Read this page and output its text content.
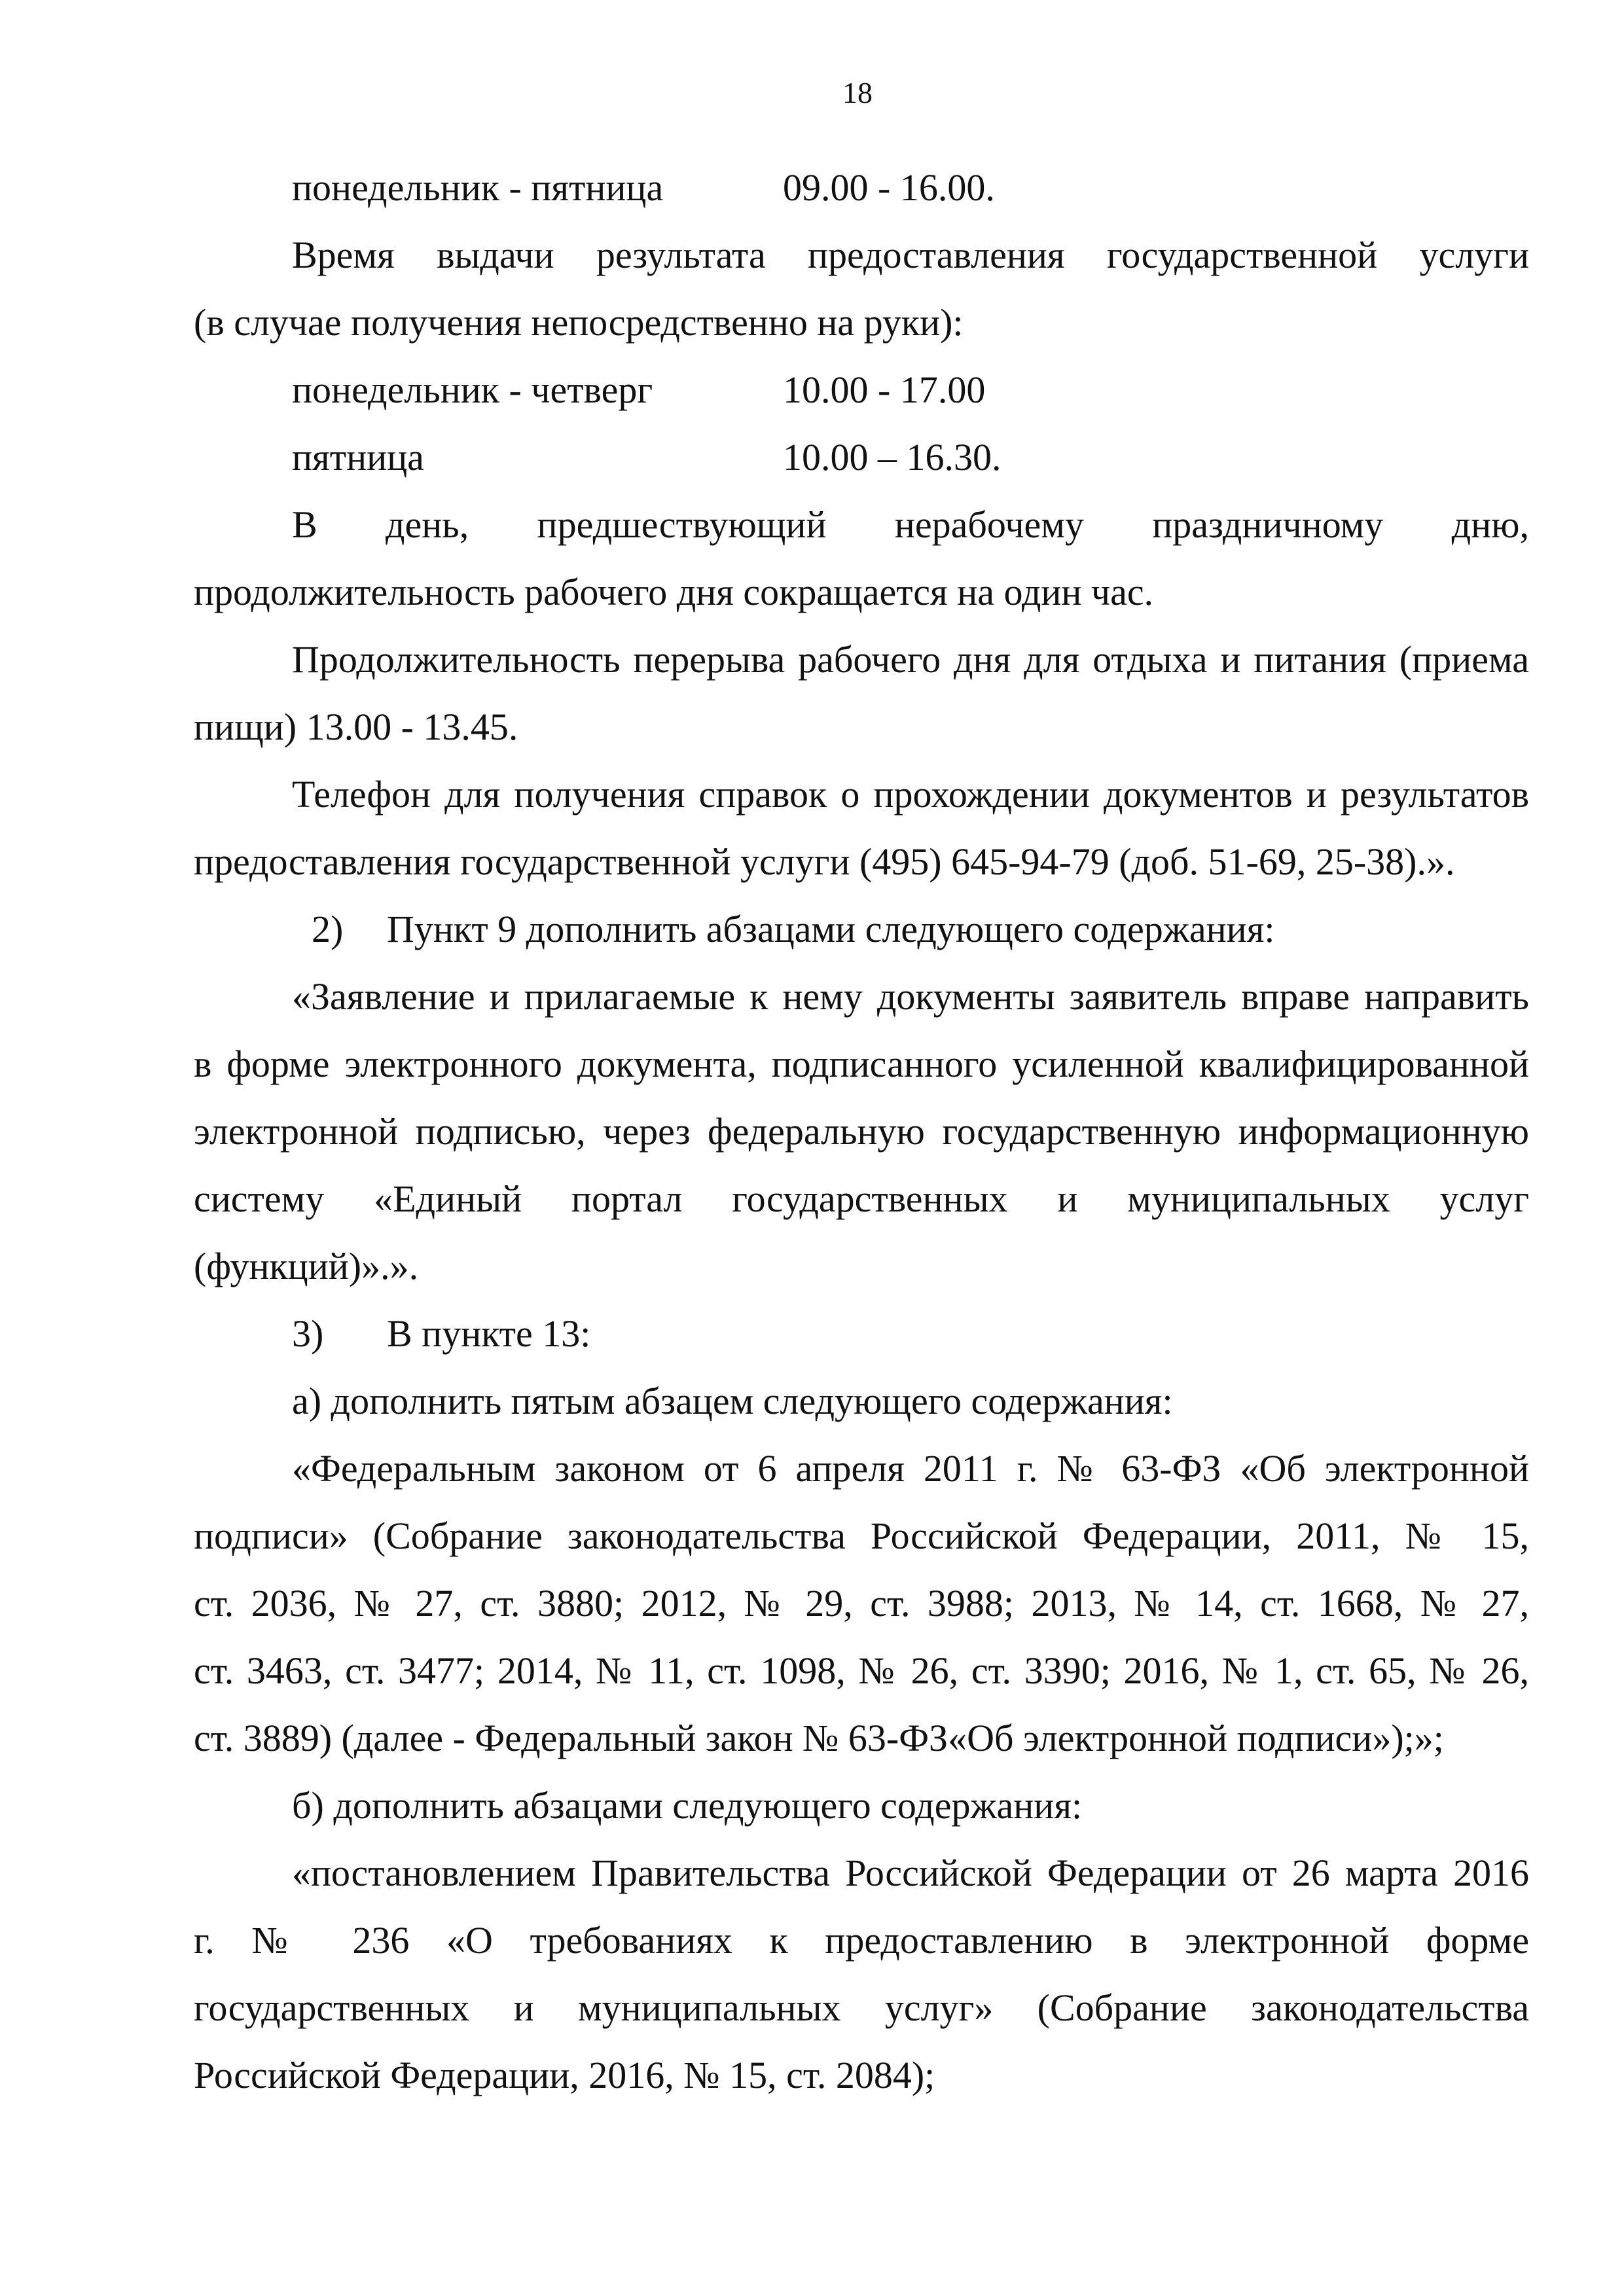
18
понедельник - пятница	09.00 - 16.00.
Время выдачи результата предоставления государственной услуги
(в случае получения непосредственно на руки):
понедельник - четверг	10.00 - 17.00
пятница	10.00 – 16.30.
В день, предшествующий нерабочему праздничному дню,
продолжительность рабочего дня сокращается на один час.
Продолжительность перерыва рабочего дня для отдыха и питания (приема
пищи) 13.00 - 13.45.
Телефон для получения справок о прохождении документов и результатов
предоставления государственной услуги (495) 645-94-79 (доб. 51-69, 25-38).».
2) Пункт 9 дополнить абзацами следующего содержания:
«Заявление и прилагаемые к нему документы заявитель вправе направить
в форме электронного документа, подписанного усиленной квалифицированной
электронной подписью, через федеральную государственную информационную
систему «Единый портал государственных и муниципальных услуг
(функций)».».
3) В пункте 13:
а) дополнить пятым абзацем следующего содержания:
«Федеральным законом от 6 апреля 2011 г. № 63-ФЗ «Об электронной
подписи» (Собрание законодательства Российской Федерации, 2011, № 15,
ст. 2036, № 27, ст. 3880; 2012, № 29, ст. 3988; 2013, № 14, ст. 1668, № 27,
ст. 3463, ст. 3477; 2014, № 11, ст. 1098, № 26, ст. 3390; 2016, № 1, ст. 65, № 26,
ст. 3889) (далее - Федеральный закон № 63-ФЗ«Об электронной подписи»);»;
б) дополнить абзацами следующего содержания:
«постановлением Правительства Российской Федерации от 26 марта 2016
г. № 236 «О требованиях к предоставлению в электронной форме
государственных и муниципальных услуг» (Собрание законодательства
Российской Федерации, 2016, № 15, ст. 2084);
